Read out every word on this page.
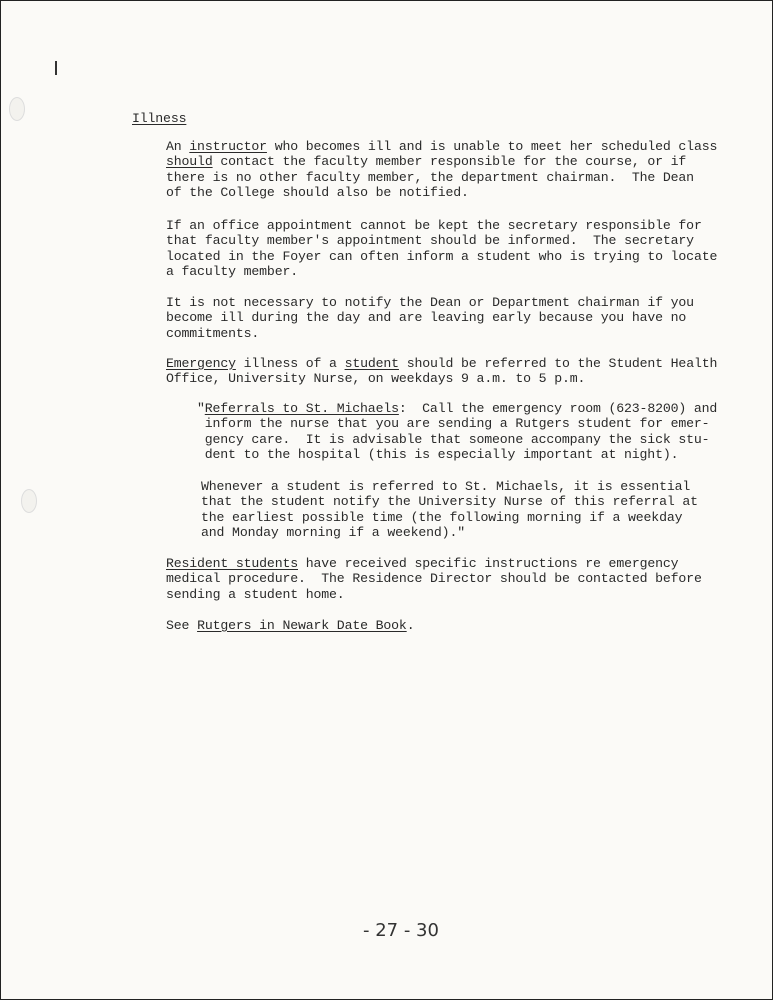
Illness
An instructor who becomes ill and is unable to meet her scheduled class
should contact the faculty member responsible for the course, or if
there is no other faculty member, the department chairman.  The Dean
of the College should also be notified.
If an office appointment cannot be kept the secretary responsible for
that faculty member's appointment should be informed.  The secretary
located in the Foyer can often inform a student who is trying to locate
a faculty member.
It is not necessary to notify the Dean or Department chairman if you
become ill during the day and are leaving early because you have no
commitments.
Emergency illness of a student should be referred to the Student Health
Office, University Nurse, on weekdays 9 a.m. to 5 p.m.
"Referrals to St. Michaels:  Call the emergency room (623-8200) and
inform the nurse that you are sending a Rutgers student for emer-
gency care.  It is advisable that someone accompany the sick stu-
dent to the hospital (this is especially important at night).
Whenever a student is referred to St. Michaels, it is essential
that the student notify the University Nurse of this referral at
the earliest possible time (the following morning if a weekday
and Monday morning if a weekend)."
Resident students have received specific instructions re emergency
medical procedure.  The Residence Director should be contacted before
sending a student home.
See Rutgers in Newark Date Book.
- 27 - 30
